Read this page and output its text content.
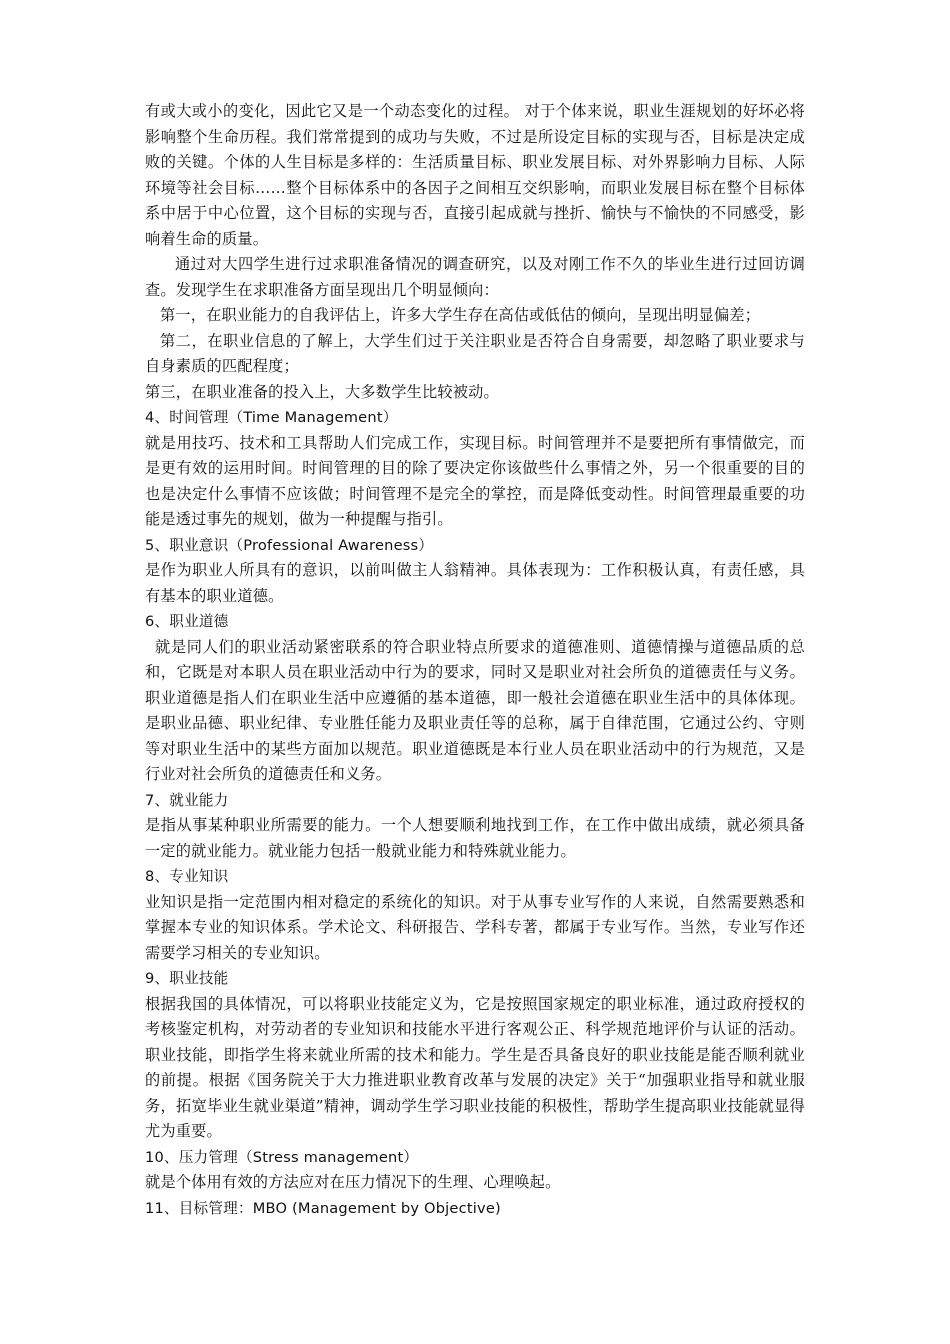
有或大或小的变化，因此它又是一个动态变化的过程。 对于个体来说，职业生涯规划的好坏必将影响整个生命历程。我们常常提到的成功与失败，不过是所设定目标的实现与否，目标是决定成败的关键。个体的人生目标是多样的：生活质量目标、职业发展目标、对外界影响力目标、人际环境等社会目标……整个目标体系中的各因子之间相互交织影响，而职业发展目标在整个目标体系中居于中心位置，这个目标的实现与否，直接引起成就与挫折、愉快与不愉快的不同感受，影响着生命的质量。

通过对大四学生进行过求职准备情况的调查研究，以及对刚工作不久的毕业生进行过回访调查。发现学生在求职准备方面呈现出几个明显倾向：

第一，在职业能力的自我评估上，许多大学生存在高估或低估的倾向，呈现出明显偏差；

第二，在职业信息的了解上，大学生们过于关注职业是否符合自身需要，却忽略了职业要求与自身素质的匹配程度；

第三，在职业准备的投入上，大多数学生比较被动。

4、时间管理（Time Management）

就是用技巧、技术和工具帮助人们完成工作，实现目标。时间管理并不是要把所有事情做完，而是更有效的运用时间。时间管理的目的除了要决定你该做些什么事情之外，另一个很重要的目的也是决定什么事情不应该做；时间管理不是完全的掌控，而是降低变动性。时间管理最重要的功能是透过事先的规划，做为一种提醒与指引。

5、职业意识（Professional Awareness）

是作为职业人所具有的意识，以前叫做主人翁精神。具体表现为：工作积极认真，有责任感，具有基本的职业道德。

6、职业道德

就是同人们的职业活动紧密联系的符合职业特点所要求的道德准则、道德情操与道德品质的总和，它既是对本职人员在职业活动中行为的要求，同时又是职业对社会所负的道德责任与义务。职业道德是指人们在职业生活中应遵循的基本道德，即一般社会道德在职业生活中的具体体现。是职业品德、职业纪律、专业胜任能力及职业责任等的总称，属于自律范围，它通过公约、守则等对职业生活中的某些方面加以规范。职业道德既是本行业人员在职业活动中的行为规范，又是行业对社会所负的道德责任和义务。

7、就业能力

是指从事某种职业所需要的能力。一个人想要顺利地找到工作，在工作中做出成绩，就必须具备一定的就业能力。就业能力包括一般就业能力和特殊就业能力。

8、专业知识

业知识是指一定范围内相对稳定的系统化的知识。对于从事专业写作的人来说，自然需要熟悉和掌握本专业的知识体系。学术论文、科研报告、学科专著，都属于专业写作。当然，专业写作还需要学习相关的专业知识。

9、职业技能

根据我国的具体情况，可以将职业技能定义为，它是按照国家规定的职业标准，通过政府授权的考核鉴定机构，对劳动者的专业知识和技能水平进行客观公正、科学规范地评价与认证的活动。职业技能，即指学生将来就业所需的技术和能力。学生是否具备良好的职业技能是能否顺利就业的前提。根据《国务院关于大力推进职业教育改革与发展的决定》关于“加强职业指导和就业服务，拓宽毕业生就业渠道”精神，调动学生学习职业技能的积极性，帮助学生提高职业技能就显得尤为重要。

10、压力管理（Stress management）

就是个体用有效的方法应对在压力情况下的生理、心理唤起。

11、目标管理：MBO (Management by Objective)
